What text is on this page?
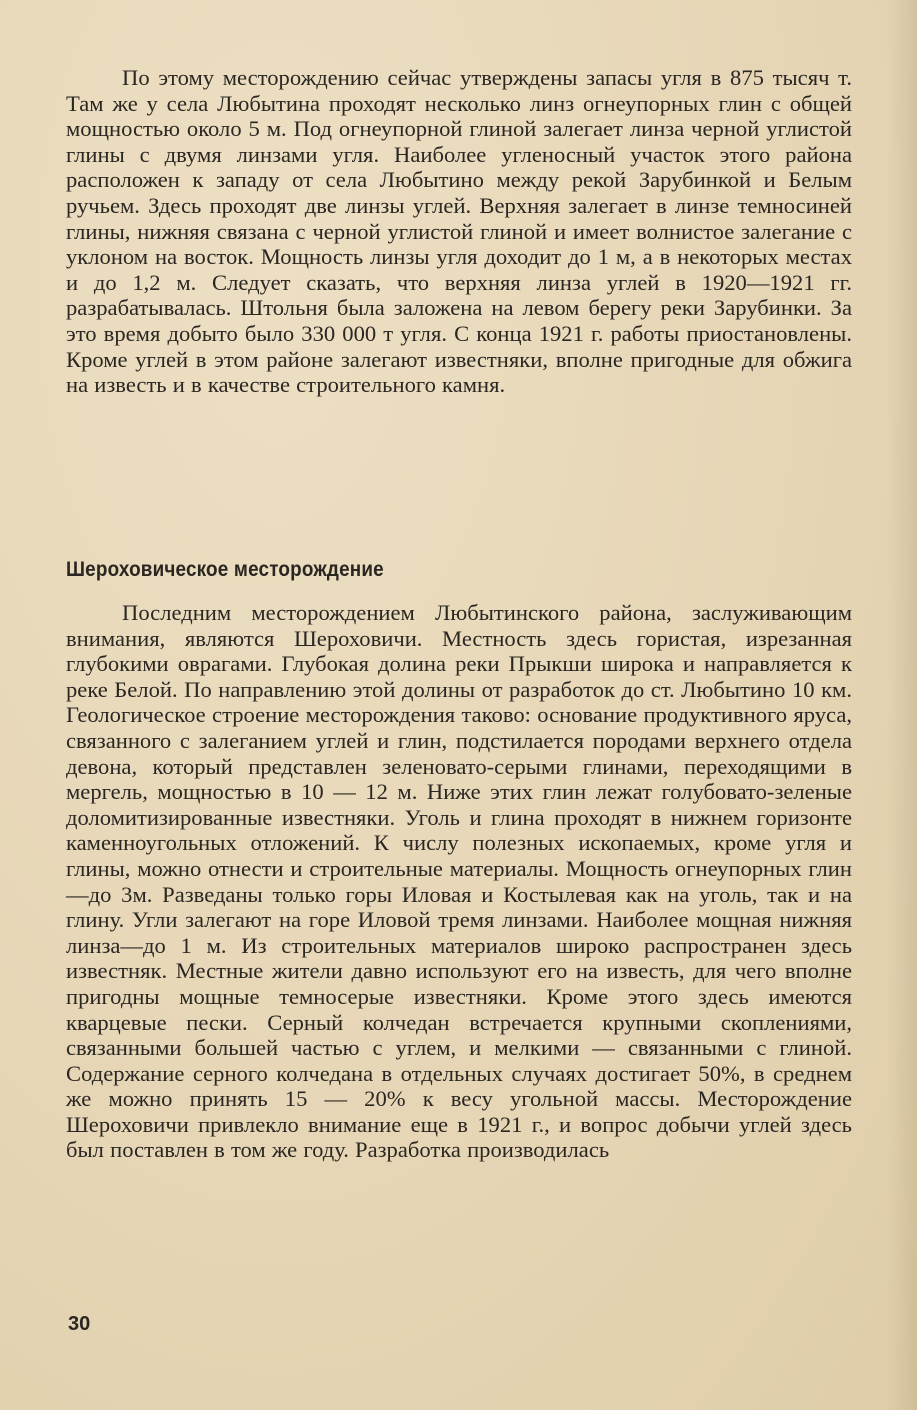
По этому месторождению сейчас утверждены запасы угля в 875 тысяч т. Там же у села Любытина проходят несколько линз огнеупорных глин с общей мощностью около 5 м. Под огнеупорной глиной залегает линза черной углистой глины с двумя линзами угля. Наиболее угленосный участок этого района расположен к западу от села Любытино между рекой Зарубинкой и Белым ручьем. Здесь проходят две линзы углей. Верхняя залегает в линзе темносиней глины, нижняя связана с черной углистой глиной и имеет волнистое залегание с уклоном на восток. Мощность линзы угля доходит до 1 м, а в некоторых местах и до 1,2 м. Следует сказать, что верхняя линза углей в 1920—1921 гг. разрабатывалась. Штольня была заложена на левом берегу реки Зарубинки. За это время добыто было 330 000 т угля. С конца 1921 г. работы приостановлены. Кроме углей в этом районе залегают известняки, вполне пригодные для обжига на известь и в качестве строительного камня.

Шероховическое месторождение

Последним месторождением Любытинского района, заслуживающим внимания, являются Шероховичи. Местность здесь гористая, изрезанная глубокими оврагами. Глубокая долина реки Прыкши широка и направляется к реке Белой. По направлению этой долины от разработок до ст. Любытино 10 км. Геологическое строение месторождения таково: основание продуктивного яруса, связанного с залеганием углей и глин, подстилается породами верхнего отдела девона, который представлен зеленовато-серыми глинами, переходящими в мергель, мощностью в 10 — 12 м. Ниже этих глин лежат голубовато-зеленые доломитизированные известняки. Уголь и глина проходят в нижнем горизонте каменноугольных отложений. К числу полезных ископаемых, кроме угля и глины, можно отнести и строительные материалы. Мощность огнеупорных глин —до 3м. Разведаны только горы Иловая и Костылевая как на уголь, так и на глину. Угли залегают на горе Иловой тремя линзами. Наиболее мощная нижняя линза—до 1 м. Из строительных материалов широко распространен здесь известняк. Местные жители давно используют его на известь, для чего вполне пригодны мощные темносерые известняки. Кроме этого здесь имеются кварцевые пески. Серный колчедан встречается крупными скоплениями, связанными большей частью с углем, и мелкими — связанными с глиной. Содержание серного колчедана в отдельных случаях достигает 50%, в среднем же можно принять 15 — 20% к весу угольной массы. Месторождение Шероховичи привлекло внимание еще в 1921 г., и вопрос добычи углей здесь был поставлен в том же году. Разработка производилась

30
